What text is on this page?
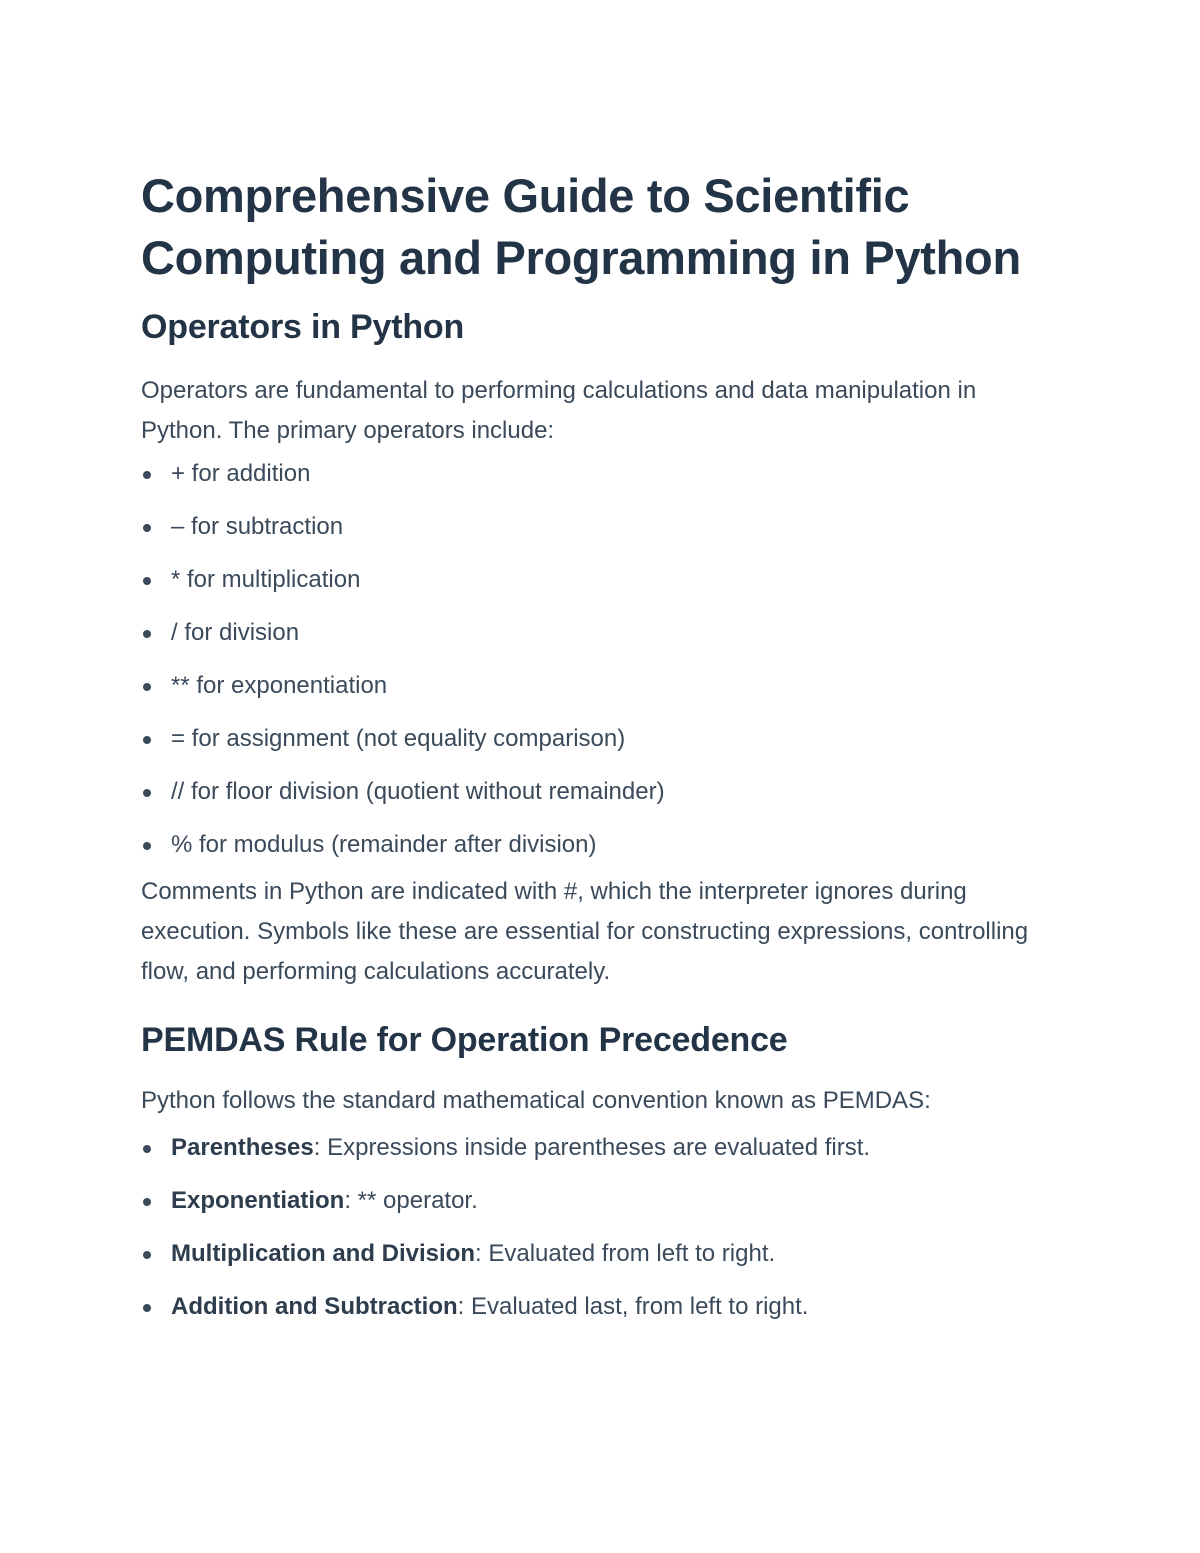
Comprehensive Guide to Scientific Computing and Programming in Python
Operators in Python

Operators are fundamental to performing calculations and data manipulation in Python. The primary operators include:

+ for addition
– for subtraction
* for multiplication
/ for division
** for exponentiation
= for assignment (not equality comparison)
// for floor division (quotient without remainder)
% for modulus (remainder after division)

Comments in Python are indicated with #, which the interpreter ignores during execution. Symbols like these are essential for constructing expressions, controlling flow, and performing calculations accurately.

PEMDAS Rule for Operation Precedence

Python follows the standard mathematical convention known as PEMDAS:

Parentheses: Expressions inside parentheses are evaluated first.
Exponentiation: ** operator.
Multiplication and Division: Evaluated from left to right.
Addition and Subtraction: Evaluated last, from left to right.
